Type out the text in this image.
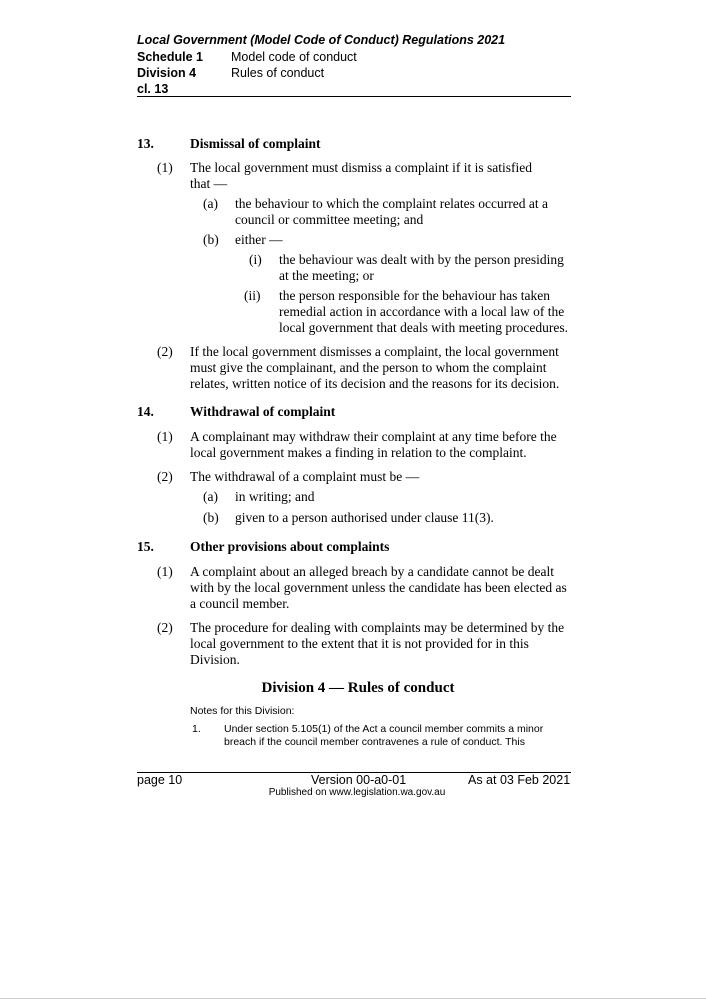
Local Government (Model Code of Conduct) Regulations 2021
Schedule 1 Model code of conduct
Division 4	Rules of conduct
cl. 13
13.	Dismissal of complaint
(1) The local government must dismiss a complaint if it is satisfied
that —
(a) the behaviour to which the complaint relates occurred at a
council or committee meeting; and
(b) either —
(i) the behaviour was dealt with by the person presiding
at the meeting; or
(ii) the person responsible for the behaviour has taken
remedial action in accordance with a local law of the
local government that deals with meeting procedures.
(2) If the local government dismisses a complaint, the local government
must give the complainant, and the person to whom the complaint
relates, written notice of its decision and the reasons for its decision.
14.	Withdrawal of complaint
(1) A complainant may withdraw their complaint at any time before the
local government makes a finding in relation to the complaint.
(2) The withdrawal of a complaint must be —
(a) in writing; and
(b) given to a person authorised under clause 11(3).
15.	Other provisions about complaints
(1) A complaint about an alleged breach by a candidate cannot be dealt
with by the local government unless the candidate has been elected as
a council member.
(2) The procedure for dealing with complaints may be determined by the
local government to the extent that it is not provided for in this
Division.
Division 4 — Rules of conduct
Notes for this Division:
1. Under section 5.105(1) of the Act a council member commits a minor
breach if the council member contravenes a rule of conduct. This
page 10	Version 00-a0-01	As at 03 Feb 2021
Published on www.legislation.wa.gov.au
